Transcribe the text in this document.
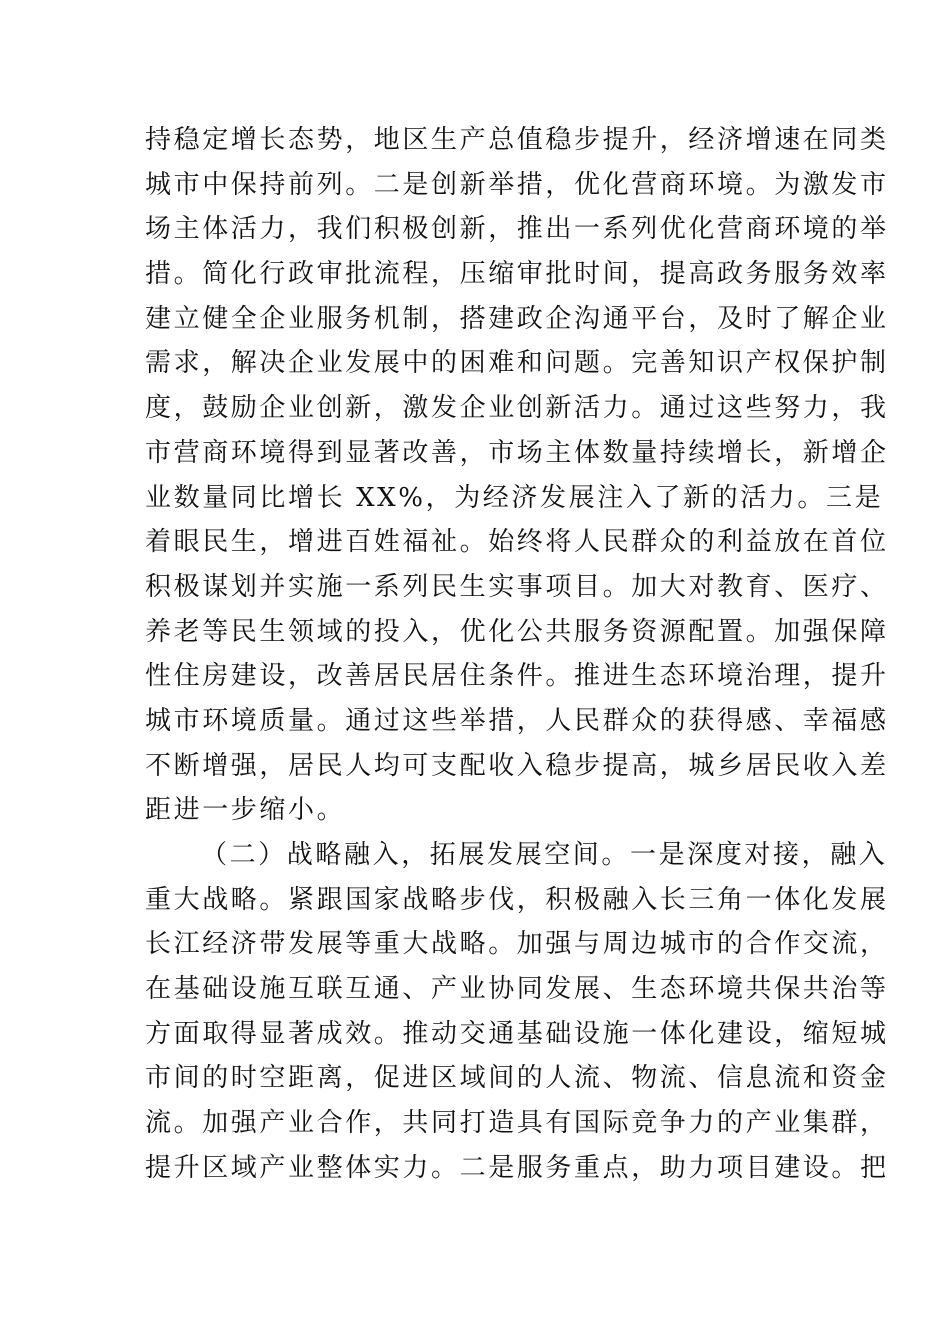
持稳定增长态势，地区生产总值稳步提升，经济增速在同类
城市中保持前列。二是创新举措，优化营商环境。为激发市
场主体活力，我们积极创新，推出一系列优化营商环境的举
措。简化行政审批流程，压缩审批时间，提高政务服务效率
建立健全企业服务机制，搭建政企沟通平台，及时了解企业
需求，解决企业发展中的困难和问题。完善知识产权保护制
度，鼓励企业创新，激发企业创新活力。通过这些努力，我
市营商环境得到显著改善，市场主体数量持续增长，新增企
业数量同比增长 XX%，为经济发展注入了新的活力。三是
着眼民生，增进百姓福祉。始终将人民群众的利益放在首位
积极谋划并实施一系列民生实事项目。加大对教育、医疗、
养老等民生领域的投入，优化公共服务资源配置。加强保障
性住房建设，改善居民居住条件。推进生态环境治理，提升
城市环境质量。通过这些举措，人民群众的获得感、幸福感
不断增强，居民人均可支配收入稳步提高，城乡居民收入差
距进一步缩小。
（二）战略融入，拓展发展空间。一是深度对接，融入
重大战略。紧跟国家战略步伐，积极融入长三角一体化发展
长江经济带发展等重大战略。加强与周边城市的合作交流，
在基础设施互联互通、产业协同发展、生态环境共保共治等
方面取得显著成效。推动交通基础设施一体化建设，缩短城
市间的时空距离，促进区域间的人流、物流、信息流和资金
流。加强产业合作，共同打造具有国际竞争力的产业集群，
提升区域产业整体实力。二是服务重点，助力项目建设。把
